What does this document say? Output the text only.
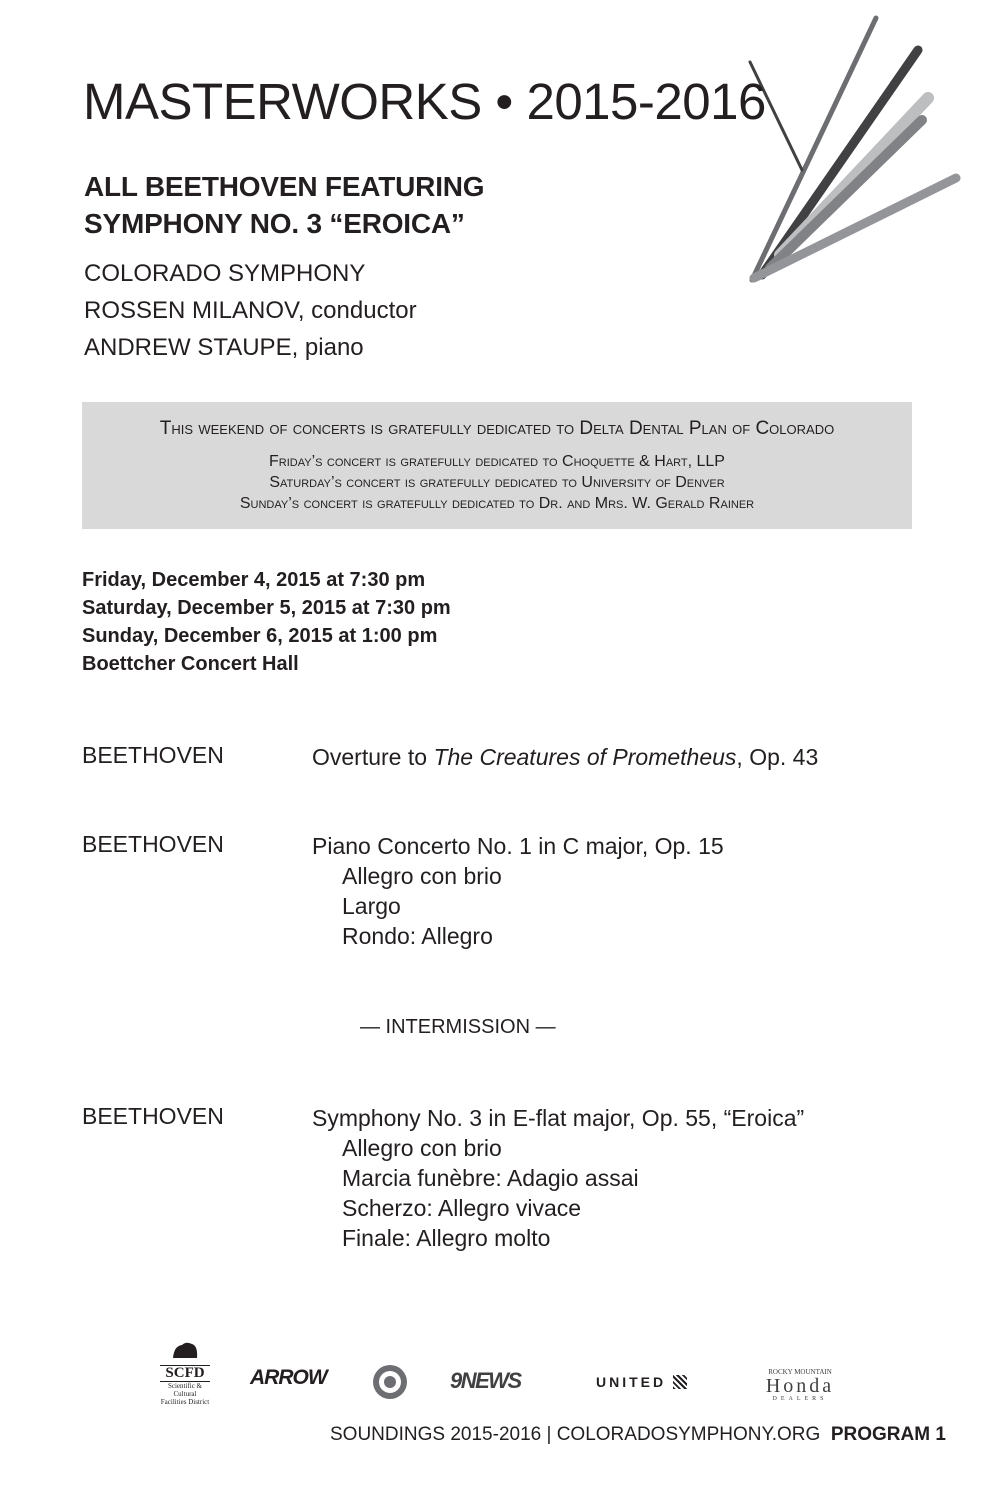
MASTERWORKS • 2015-2016
ALL BEETHOVEN FEATURING
SYMPHONY NO. 3 “EROICA”
COLORADO SYMPHONY
ROSSEN MILANOV, conductor
ANDREW STAUPE, piano
This weekend of concerts is gratefully dedicated to Delta Dental Plan of Colorado
Friday’s concert is gratefully dedicated to Choquette & Hart, LLP
Saturday’s concert is gratefully dedicated to University of Denver
Sunday’s concert is gratefully dedicated to Dr. and Mrs. W. Gerald Rainer
Friday, December 4, 2015 at 7:30 pm
Saturday, December 5, 2015 at 7:30 pm
Sunday, December 6, 2015 at 1:00 pm
Boettcher Concert Hall
BEETHOVEN	Overture to The Creatures of Prometheus, Op. 43
BEETHOVEN	Piano Concerto No. 1 in C major, Op. 15
Allegro con brio
Largo
Rondo: Allegro
— INTERMISSION —
BEETHOVEN	Symphony No. 3 in E-flat major, Op. 55, “Eroica”
Allegro con brio
Marcia funèbre: Adagio assai
Scherzo: Allegro vivace
Finale: Allegro molto
SCFD
Scientific & Cultural Facilities District
ARROW	9NEWS	UNITED
ROCKY MOUNTAIN
Honda
DEALERS
SOUNDINGS 2015-2016 | COLORADOSYMPHONY.ORG PROGRAM 1
